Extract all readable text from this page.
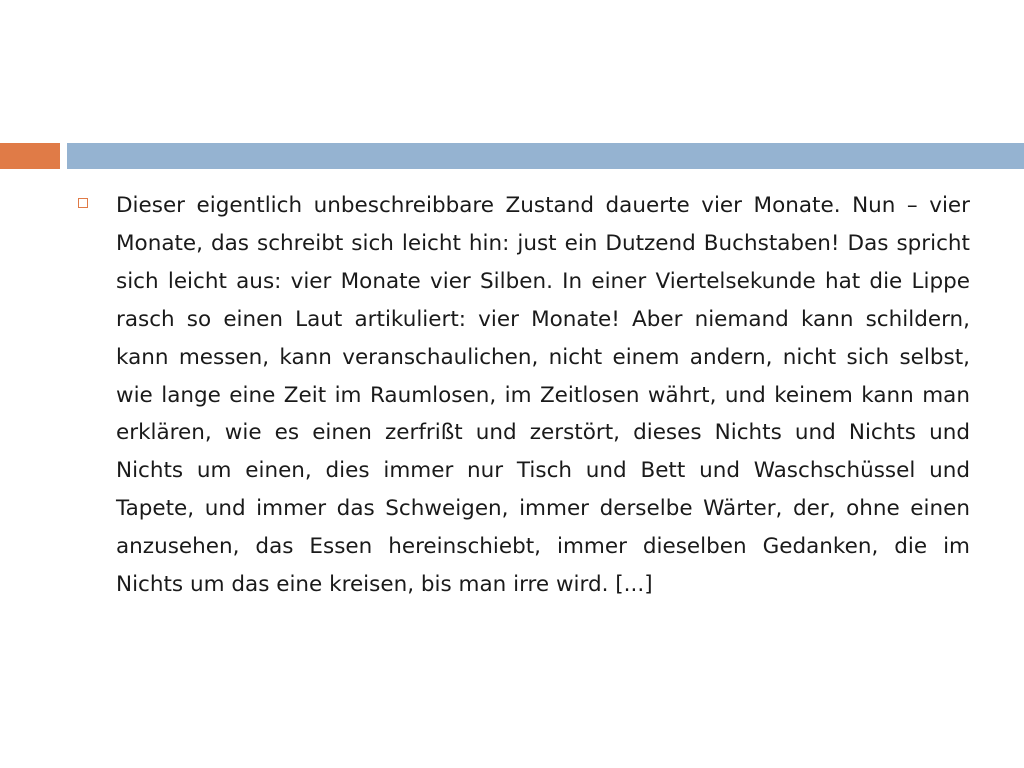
Dieser eigentlich unbeschreibbare Zustand dauerte vier Monate. Nun – vier Monate, das schreibt sich leicht hin: just ein Dutzend Buchstaben! Das spricht sich leicht aus: vier Monate vier Silben. In einer Viertelsekunde hat die Lippe rasch so einen Laut artikuliert: vier Monate! Aber niemand kann schildern, kann messen, kann veranschaulichen, nicht einem andern, nicht sich selbst, wie lange eine Zeit im Raumlosen, im Zeitlosen währt, und keinem kann man erklären, wie es einen zerfrißt und zerstört, dieses Nichts und Nichts und Nichts um einen, dies immer nur Tisch und Bett und Waschschüssel und Tapete, und immer das Schweigen, immer derselbe Wärter, der, ohne einen anzusehen, das Essen hereinschiebt, immer dieselben Gedanken, die im Nichts um das eine kreisen, bis man irre wird. [...]
